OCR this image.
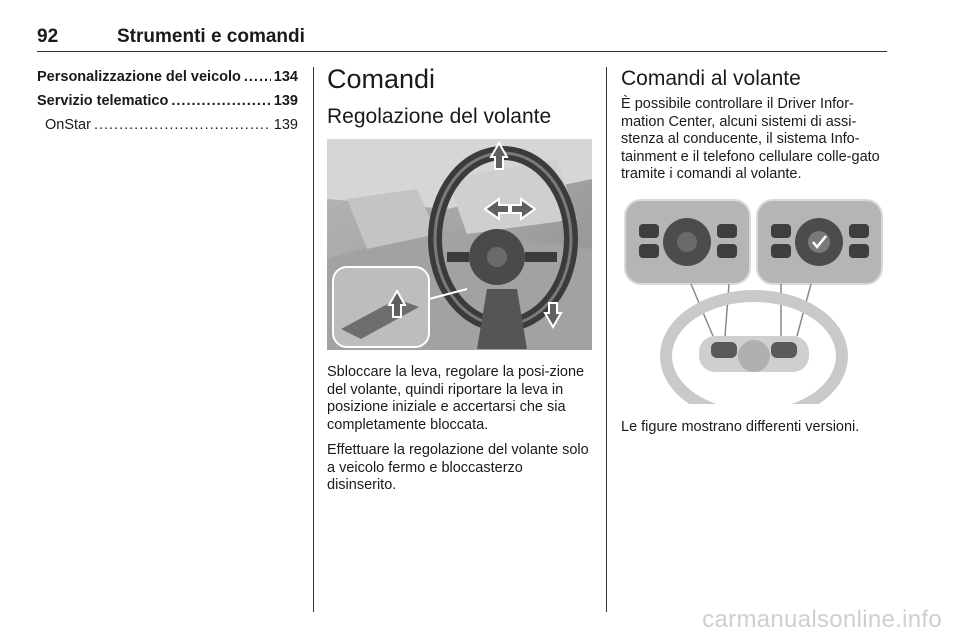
92	Strumenti e comandi
Personalizzazione del veicolo ..... 134
Servizio telematico .....	139
OnStar .....	139
Comandi
Regolazione del volante

Sbloccare la leva, regolare la posi-zione del volante, quindi riportare la leva in posizione iniziale e accertarsi che sia completamente bloccata.

Effettuare la regolazione del volante solo a veicolo fermo e bloccasterzo disinserito.

Comandi al volante
È possibile controllare il Driver Infor-mation Center, alcuni sistemi di assi-stenza al conducente, il sistema Info-tainment e il telefono cellulare colle-gato tramite i comandi al volante.
Le figure mostrano differenti versioni.
carmanualsonline.info
